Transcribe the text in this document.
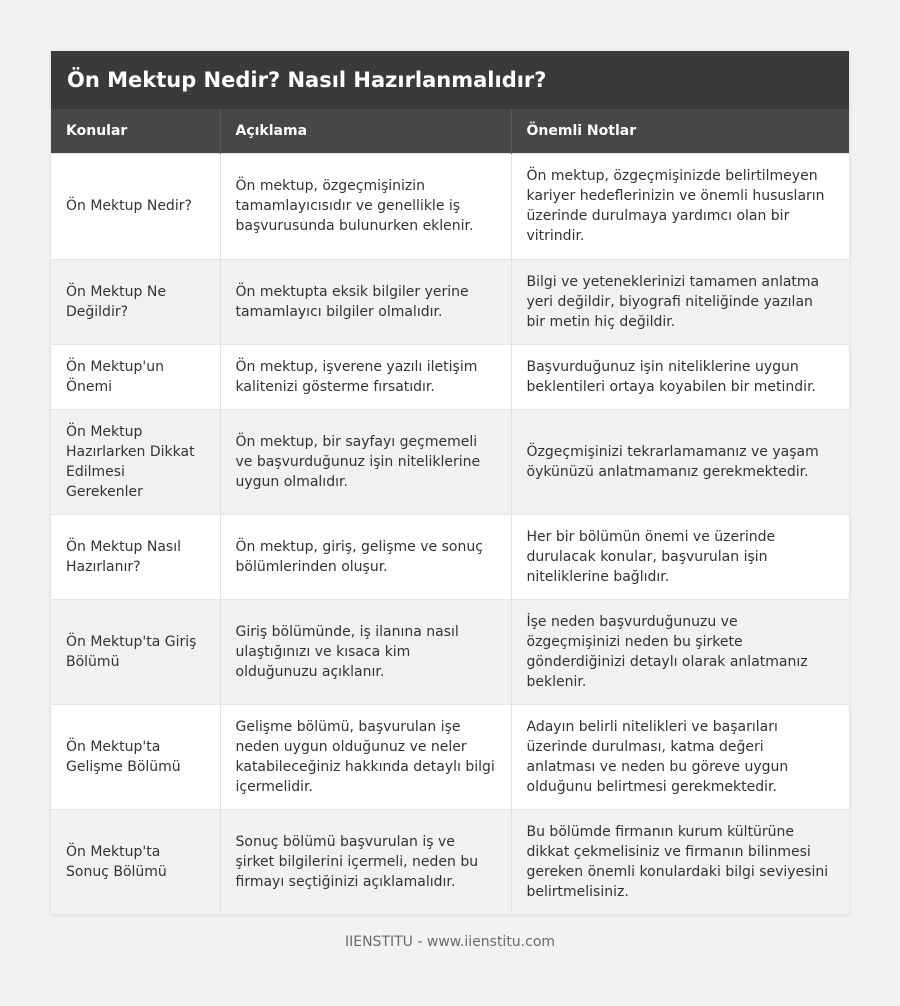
Ön Mektup Nedir? Nasıl Hazırlanmalıdır?
Konular	Açıklama	Önemli Notlar
Ön Mektup Nedir?	Ön mektup, özgeçmişinizin tamamlayıcısıdır ve genellikle iş başvurusunda bulunurken eklenir.	Ön mektup, özgeçmişinizde belirtilmeyen kariyer hedeflerinizin ve önemli hususların üzerinde durulmaya yardımcı olan bir vitrindir.
Ön Mektup Ne Değildir?	Ön mektupta eksik bilgiler yerine tamamlayıcı bilgiler olmalıdır.	Bilgi ve yeteneklerinizi tamamen anlatma yeri değildir, biyografi niteliğinde yazılan bir metin hiç değildir.
Ön Mektup'un Önemi	Ön mektup, işverene yazılı iletişim kalitenizi gösterme fırsatıdır.	Başvurduğunuz işin niteliklerine uygun beklentileri ortaya koyabilen bir metindir.
Ön Mektup Hazırlarken Dikkat Edilmesi Gerekenler	Ön mektup, bir sayfayı geçmemeli ve başvurduğunuz işin niteliklerine uygun olmalıdır.	Özgeçmişinizi tekrarlamamanız ve yaşam öykünüzü anlatmamanız gerekmektedir.
Ön Mektup Nasıl Hazırlanır?	Ön mektup, giriş, gelişme ve sonuç bölümlerinden oluşur.	Her bir bölümün önemi ve üzerinde durulacak konular, başvurulan işin niteliklerine bağlıdır.
Ön Mektup'ta Giriş Bölümü	Giriş bölümünde, iş ilanına nasıl ulaştığınızı ve kısaca kim olduğunuzu açıklanır.	İşe neden başvurduğunuzu ve özgeçmişinizi neden bu şirkete gönderdiğinizi detaylı olarak anlatmanız beklenir.
Ön Mektup'ta Gelişme Bölümü	Gelişme bölümü, başvurulan işe neden uygun olduğunuz ve neler katabileceğiniz hakkında detaylı bilgi içermelidir.	Adayın belirli nitelikleri ve başarıları üzerinde durulması, katma değeri anlatması ve neden bu göreve uygun olduğunu belirtmesi gerekmektedir.
Ön Mektup'ta Sonuç Bölümü	Sonuç bölümü başvurulan iş ve şirket bilgilerini içermeli, neden bu firmayı seçtiğinizi açıklamalıdır.	Bu bölümde firmanın kurum kültürüne dikkat çekmelisiniz ve firmanın bilinmesi gereken önemli konulardaki bilgi seviyesini belirtmelisiniz.
IIENSTITU - www.iienstitu.com
